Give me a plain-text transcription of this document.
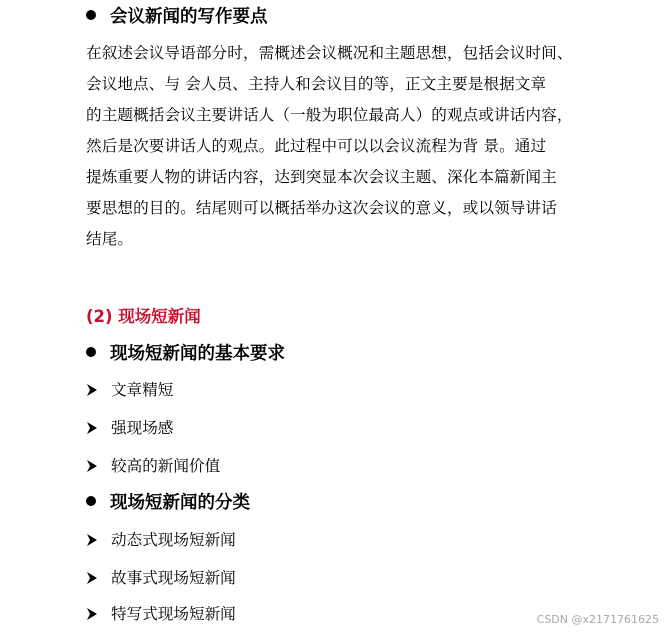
会议新闻的写作要点
在叙述会议导语部分时，需概述会议概况和主题思想，包括会议时间、
会议地点、与 会人员、主持人和会议目的等，正文主要是根据文章
的主题概括会议主要讲话人（一般为职位最高人）的观点或讲话内容，
然后是次要讲话人的观点。此过程中可以以会议流程为背 景。通过
提炼重要人物的讲话内容，达到突显本次会议主题、深化本篇新闻主
要思想的目的。结尾则可以概括举办这次会议的意义，或以领导讲话
结尾。
(2) 现场短新闻
现场短新闻的基本要求
文章精短
强现场感
较高的新闻价值
现场短新闻的分类
动态式现场短新闻
故事式现场短新闻
特写式现场短新闻	CSDN @x2171761625
